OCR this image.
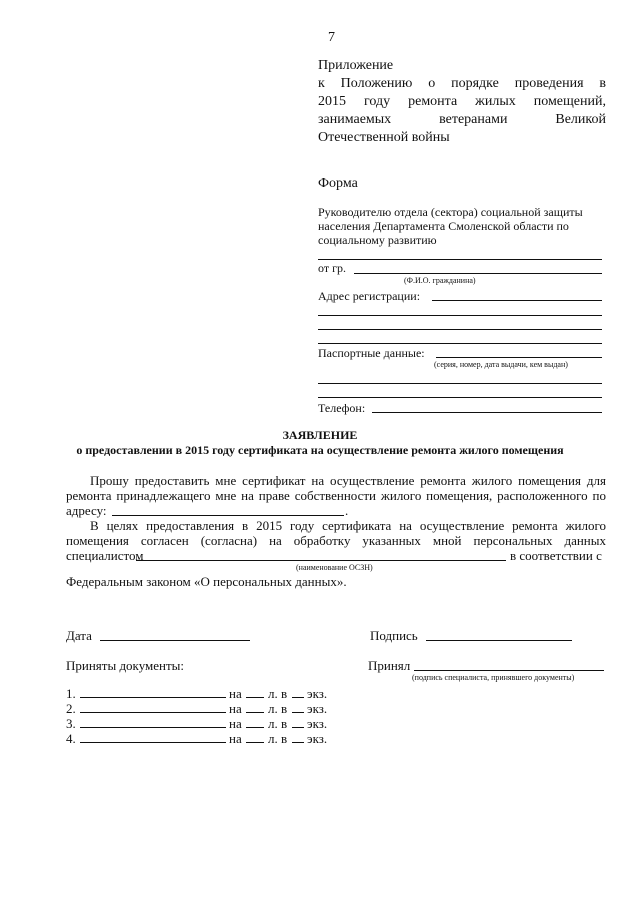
7
Приложение
к Положению о порядке проведения в
2015 году ремонта жилых помещений,
занимаемых ветеранами Великой
Отечественной войны
Форма
Руководителю отдела (сектора) социальной защиты
населения Департамента Смоленской области по
социальному развитию
от гр.
(Ф.И.О. гражданина)
Адрес регистрации:
Паспортные данные:
(серия, номер, дата выдачи, кем выдан)
Телефон:
ЗАЯВЛЕНИЕ
о предоставлении в 2015 году сертификата на осуществление ремонта жилого помещения
Прошу предоставить мне сертификат на осуществление ремонта жилого помещения для
ремонта принадлежащего мне на праве собственности жилого помещения, расположенного по
адресу:	.
В целях предоставления в 2015 году сертификата на осуществление ремонта жилого
помещения согласен (согласна) на обработку указанных мной персональных данных
специалистом	в соответствии с
(наименование ОСЗН)
Федеральным законом «О персональных данных».
Дата	Подпись
Приняты документы:	Принял
(подпись специалиста, принявшего документы)
1.	на л. в экз.
2.	на л. в экз.
3.	на л. в экз.
4.	на л. в экз.
